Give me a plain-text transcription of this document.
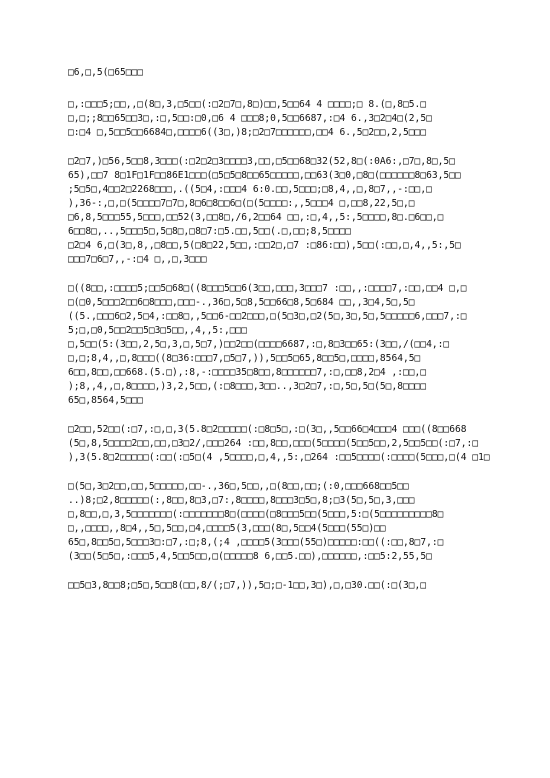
□6,□,5(□65□□□
□,:□□□5;□□,,□(8□,3,□5□□(:□2□7□,8□)□□,5□□64 4 □□□□;□ 8.(□,8□5.□
□,□;;8□□65□□3□,:□,5□□:□0,□6 4 □□□8;0,5□□6687,:□4 6.,3□2□4□(2,5□
□:□4 □,5□□5□□6684□,□□□□6((3□,)8;□2□7□□□□□□,□□4 6.,5□2□□,2,5□□□
□2□7,)□56,5□□8,3□□□(:□2□2□3□□□□3,□□,□5□□68□32(52,8□(:0A6:,□7□,8□,5□
65),□□7 8□1F□1F□□86E1□□□(□5□5□8□□65□□□□□,□□63(3□0,□8□(□□□□□□8□63,5□□
;5□5□,4□□2□2268□□□,.((5□4,:□□□4 6:0.□□,5□□□;□8,4,,□,8□7,,-:□□,□
),36-:,□,□(5□□□□7□7□,8□6□8□□6□(□(5□□□□:,,5□□□4 □,□□8,22,5□,□
□6,8,5□□□55,5□□□,□□52(3,□□8□,/6,2□□64 □□,:□,4,,5:,5□□□□,8□.□6□□,□
6□□8□,..,5□□□5□,5□8□,□8□7:□5.□□,5□□(.□,□□;8,5□□□□
□2□4 6,□(3□,8,,□8□□,5(□8□22,5□□,:□□2□,□7 :□86:□□),5□□(:□□,□,4,,5:,5□
□□□7□6□7,,-:□4 □,,□,3□□□
□((8□□,:□□□□5;□□5□68□((8□□□5□□6(3□□,□□□,3□□□7 :□□,,:□□□□7,:□□,□□4 □,□
□(□0,5□□□2□□6□8□□□,□□□-.,36□,5□8,5□□66□8,5□684 □□,,3□4,5□,5□
((5.,□□□6□2,5□4,:□□8□,,5□□6-□□2□□□,□(5□3□,□2(5□,3□,5□,5□□□□□6,□□□7,:□
5;□,□0,5□□2□□5□3□5□□,,4,,5:,□□□
□,5□□(5:(3□□,2,5□,3,□,5□7,)□□2□□(□□□□6687,:□,8□3□□65:(3□□,/(□□4,:□
□,□;8,4,,□,8□□□((8□36:□□□7,□5□7,)),5□□5□65,8□□5□,□□□□,8564,5□
6□□,8□□,□□668.(5.□),:8,-:□□□□35□8□□,8□□□□□□7,:□,□□8,2□4 ,:□□,□
);8,,4,,□,8□□□□,)3,2,5□□,(:□8□□□,3□□..,3□2□7,:□,5□,5□(5□,8□□□□
65□,8564,5□□□
□2□□,52□□(:□7,:□,□,3(5.8□2□□□□□(:□8□5□,:□(3□,,5□□66□4□□□4 □□□((8□□668
(5□,8,5□□□□2□□,□□,□3□2/,□□□264 :□□,8□□,□□□(5□□□□(5□□5□□,2,5□□5□□(:□7,:□
),3(5.8□2□□□□□(:□□(:□5□(4 ,5□□□□,□,4,,5:,□264 :□□5□□□□(:□□□□(5□□□,□(4 □1□
□(5□,3□2□□,□□,5□□□□□,□□-.,36□,5□□,,□(8□□,□□;(:0,□□□668□□5□□
..)8;□2,8□□□□□(:,8□□,8□3,□7:,8□□□□,8□□□3□5□,8;□3(5□,5□,3,□□□
□,8□□,□,3,5□□□□□□□(:□□□□□□□8□(□□□□(□8□□□5□□(5□□□,5:□(5□□□□□□□□□8□
□,,□□□□,,8□4,,5□,5□□,□4,□□□□5(3,□□□(8□,5□□4(5□□□(55□)□□
65□,8□□5□,5□□□3□:□7,:□;8,(;4 ,□□□□5(3□□□(55□)□□□□□:□□((:□□,8□7,:□
(3□□(5□5□,:□□□5,4,5□□5□□,□(□□□□□8 6,□□5.□□),□□□□□□,:□□5:2,55,5□
□□5□3,8□□8;□5□,5□□8(□□,8/(;□7,)),5□;□-1□□,3□),□,□30.□□(:□(3□,□
